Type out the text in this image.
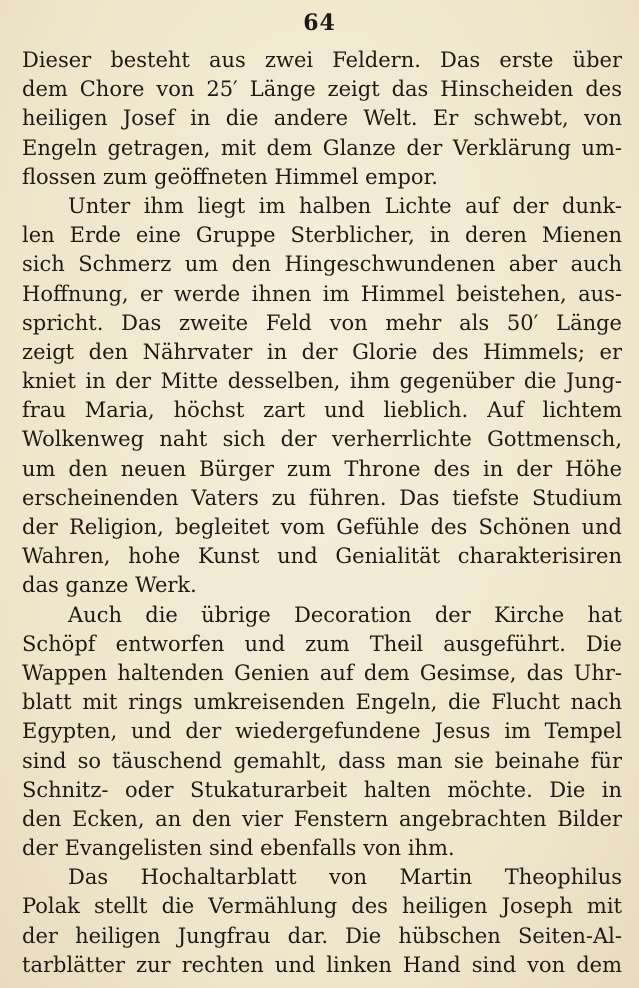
64
Dieser besteht aus zwei Feldern. Das erste über
dem Chore von 25′ Länge zeigt das Hinscheiden des
heiligen Josef in die andere Welt. Er schwebt, von
Engeln getragen, mit dem Glanze der Verklärung um-
flossen zum geöffneten Himmel empor.
Unter ihm liegt im halben Lichte auf der dunk-
len Erde eine Gruppe Sterblicher, in deren Mienen
sich Schmerz um den Hingeschwundenen aber auch
Hoffnung, er werde ihnen im Himmel beistehen, aus-
spricht. Das zweite Feld von mehr als 50′ Länge
zeigt den Nährvater in der Glorie des Himmels; er
kniet in der Mitte desselben, ihm gegenüber die Jung-
frau Maria, höchst zart und lieblich. Auf lichtem
Wolkenweg naht sich der verherrlichte Gottmensch,
um den neuen Bürger zum Throne des in der Höhe
erscheinenden Vaters zu führen. Das tiefste Studium
der Religion, begleitet vom Gefühle des Schönen und
Wahren, hohe Kunst und Genialität charakterisiren
das ganze Werk.
Auch die übrige Decoration der Kirche hat
Schöpf entworfen und zum Theil ausgeführt. Die
Wappen haltenden Genien auf dem Gesimse, das Uhr-
blatt mit rings umkreisenden Engeln, die Flucht nach
Egypten, und der wiedergefundene Jesus im Tempel
sind so täuschend gemahlt, dass man sie beinahe für
Schnitz- oder Stukaturarbeit halten möchte. Die in
den Ecken, an den vier Fenstern angebrachten Bilder
der Evangelisten sind ebenfalls von ihm.
Das Hochaltarblatt von Martin Theophilus
Polak stellt die Vermählung des heiligen Joseph mit
der heiligen Jungfrau dar. Die hübschen Seiten-Al-
tarblätter zur rechten und linken Hand sind von dem
